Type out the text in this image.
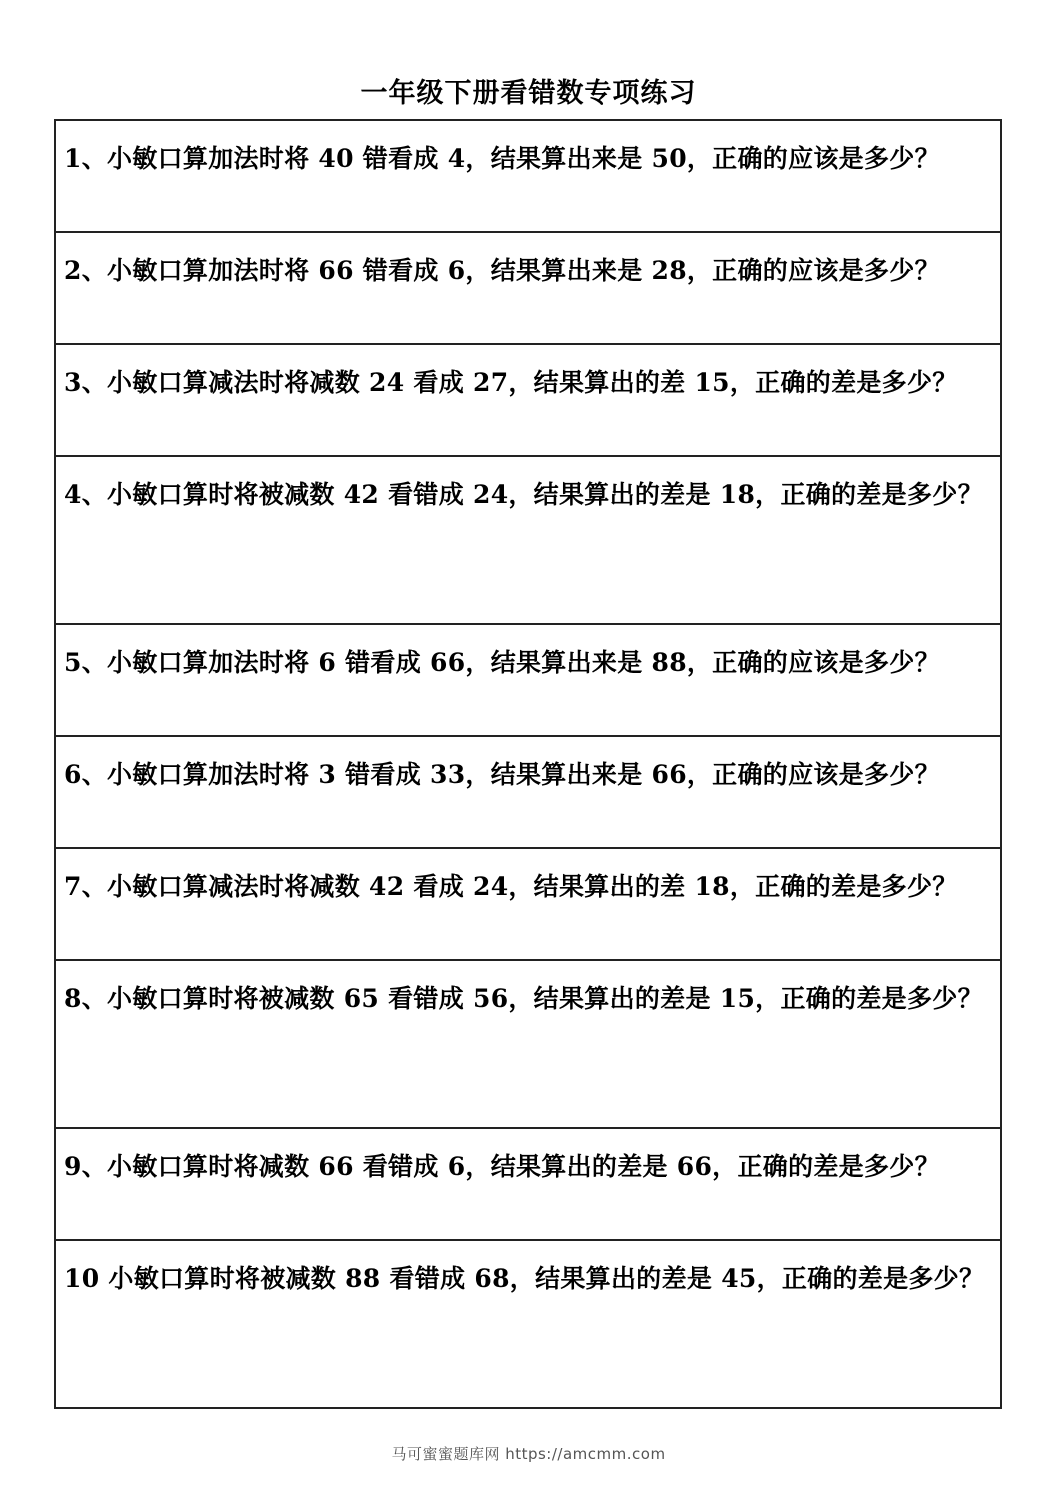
一年级下册看错数专项练习
1、小敏口算加法时将 40 错看成 4，结果算出来是 50，正确的应该是多少？
2、小敏口算加法时将 66 错看成 6，结果算出来是 28，正确的应该是多少？
3、小敏口算减法时将减数 24 看成 27，结果算出的差 15，正确的差是多少？
4、小敏口算时将被减数 42 看错成 24，结果算出的差是 18，正确的差是多少？
5、小敏口算加法时将 6 错看成 66，结果算出来是 88，正确的应该是多少？
6、小敏口算加法时将 3 错看成 33，结果算出来是 66，正确的应该是多少？
7、小敏口算减法时将减数 42 看成 24，结果算出的差 18，正确的差是多少？
8、小敏口算时将被减数 65 看错成 56，结果算出的差是 15，正确的差是多少？
9、小敏口算时将减数 66 看错成 6，结果算出的差是 66，正确的差是多少？
10 小敏口算时将被减数 88 看错成 68，结果算出的差是 45，正确的差是多少？
马可蜜蜜题库网 https://amcmm.com
